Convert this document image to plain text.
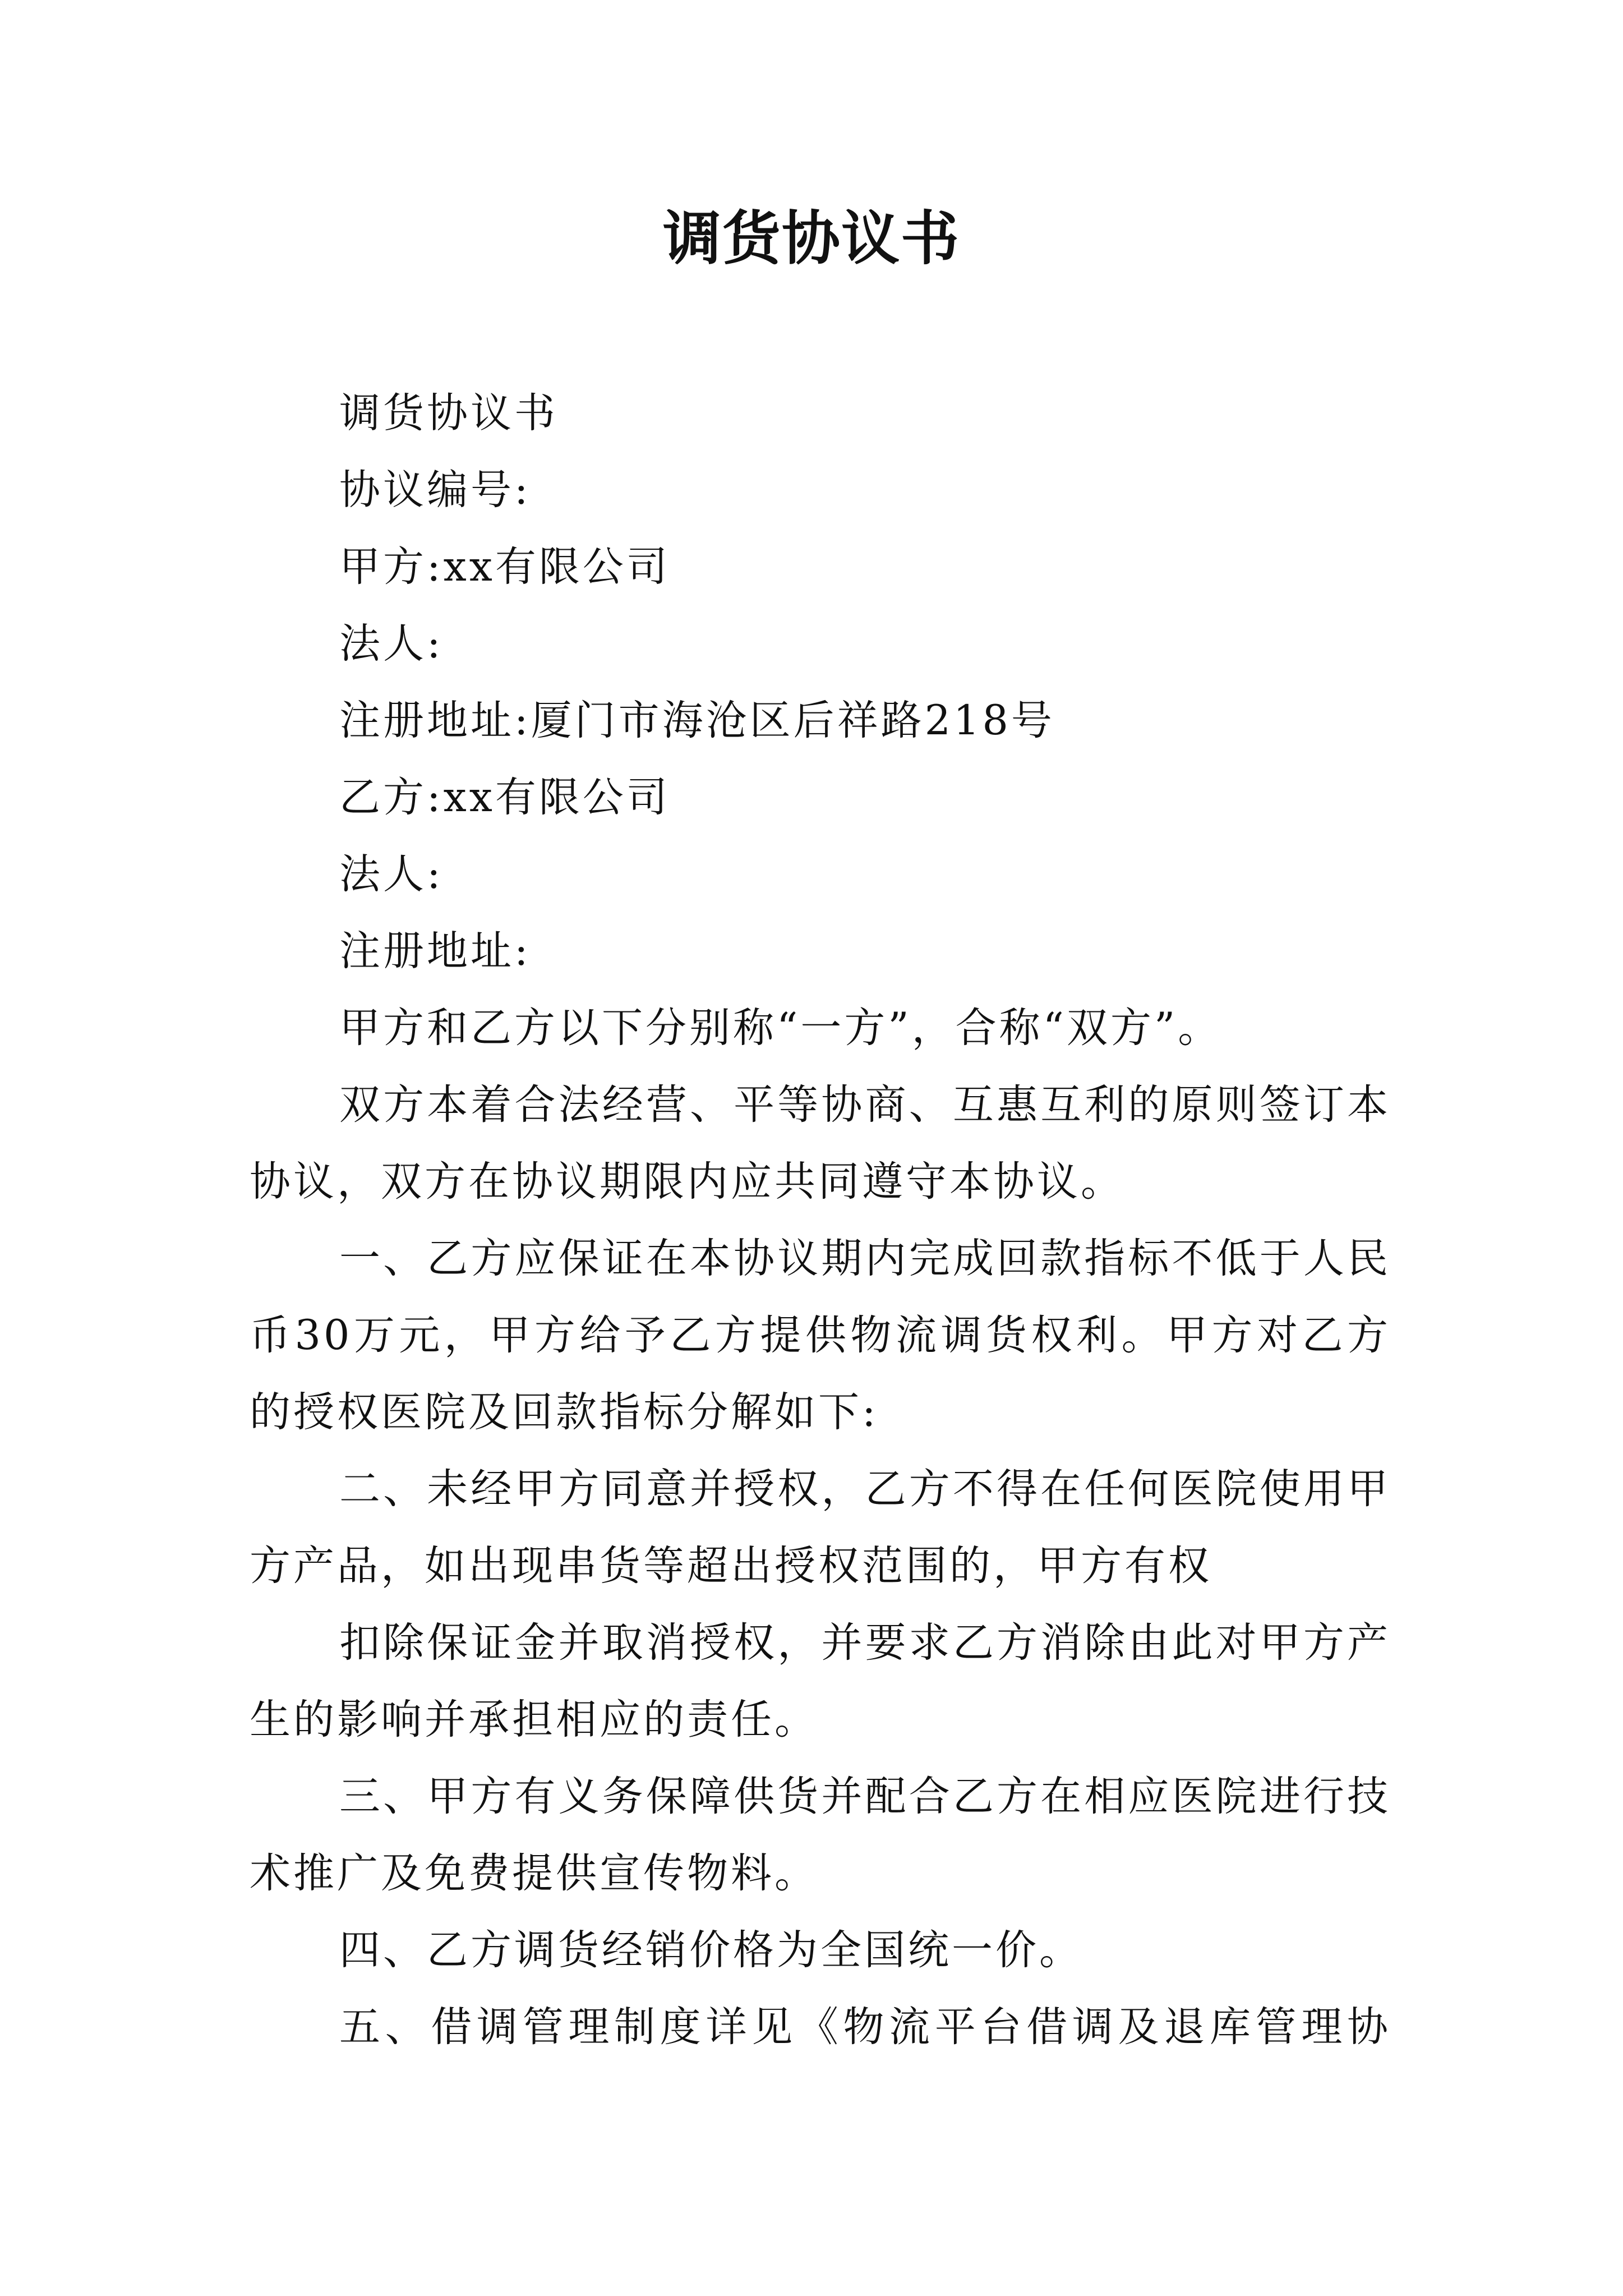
调货协议书
调货协议书
协议编号:
甲方:xx有限公司
法人:
注册地址:厦门市海沧区后祥路218号
乙方:xx有限公司
法人:
注册地址:
甲方和乙方以下分别称“一方”，合称“双方”。
双方本着合法经营、平等协商、互惠互利的原则签订本
协议，双方在协议期限内应共同遵守本协议。
一、乙方应保证在本协议期内完成回款指标不低于人民
币30万元，甲方给予乙方提供物流调货权利。甲方对乙方
的授权医院及回款指标分解如下:
二、未经甲方同意并授权，乙方不得在任何医院使用甲
方产品，如出现串货等超出授权范围的，甲方有权
扣除保证金并取消授权，并要求乙方消除由此对甲方产
生的影响并承担相应的责任。
三、甲方有义务保障供货并配合乙方在相应医院进行技
术推广及免费提供宣传物料。
四、乙方调货经销价格为全国统一价。
五、借调管理制度详见《物流平台借调及退库管理协
